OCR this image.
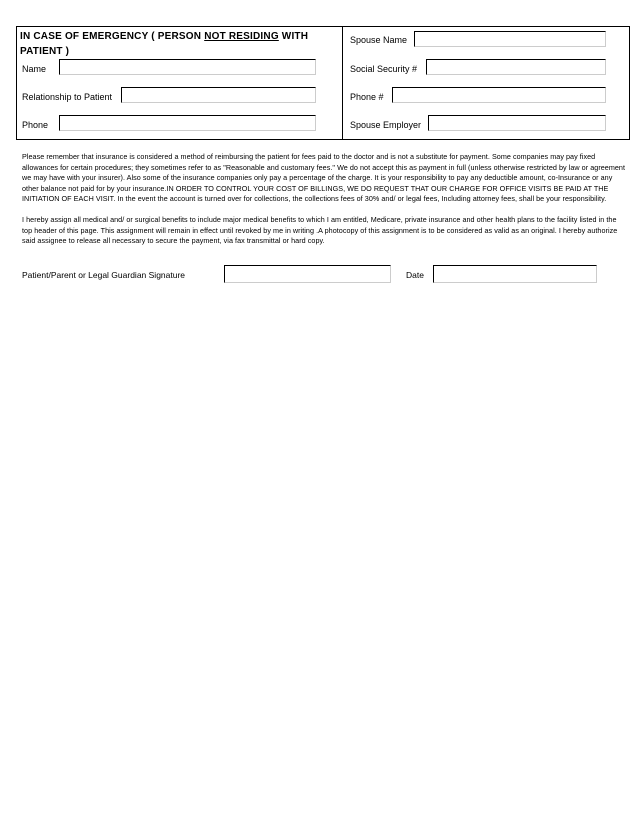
IN CASE OF EMERGENCY ( PERSON NOT RESIDING WITH PATIENT )
Name
Relationship to Patient
Phone
Spouse Name
Social Security #
Phone #
Spouse Employer

Please remember that insurance is considered a method of reimbursing the patient for fees paid to the doctor and is not a substitute for payment. Some companies may pay fixed allowances for certain procedures; they sometimes refer to as "Reasonable and customary fees." We do not accept this as payment in full (unless otherwise restricted by law or agreement we may have with your insurer). Also some of the insurance companies only pay a percentage of the charge. It is your responsibility to pay any deductible amount, co-Insurance or any other balance not paid for by your insurance.IN ORDER TO CONTROL YOUR COST OF BILLINGS, WE DO REQUEST THAT OUR CHARGE FOR OFFICE VISITS BE PAID AT THE INITIATION OF EACH VISIT. In the event the account is turned over for collections, the collections fees of 30% and/ or legal fees, Including attorney fees, shall be your responsibility.

I hereby assign all medical and/ or surgical benefits to include major medical benefits to which I am entitled, Medicare, private insurance and other health plans to the facility listed in the top header of this page. This assignment will remain in effect until revoked by me in writing .A photocopy of this assignment is to be considered as valid as an original. I hereby authorize said assignee to release all necessary to secure the payment, via fax transmittal or hard copy.

Patient/Parent or Legal Guardian Signature	Date
